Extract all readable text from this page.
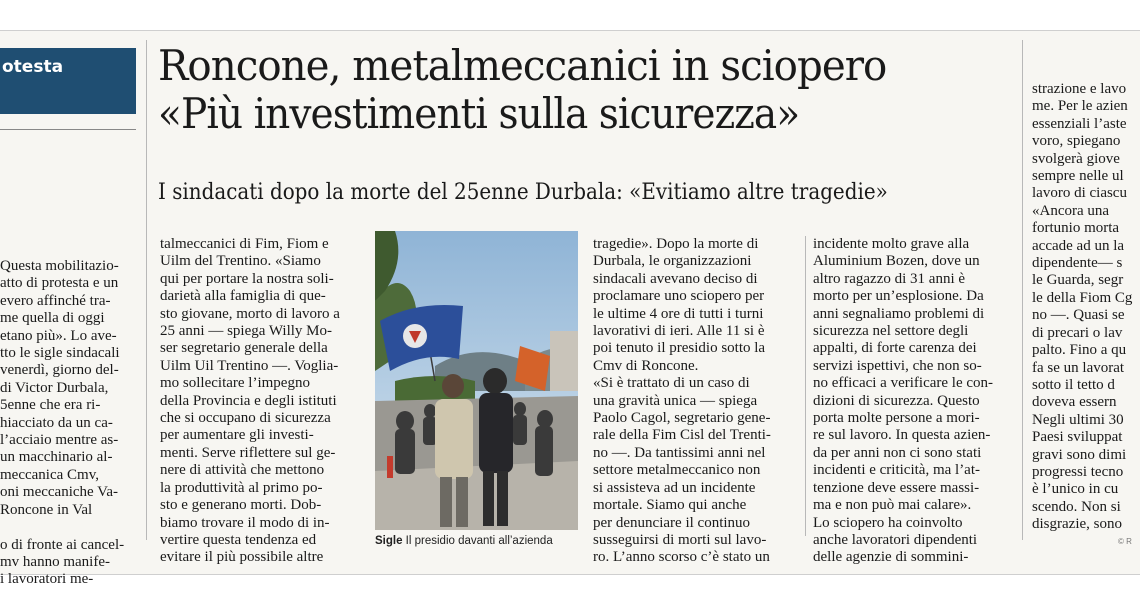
otesta	Roncone, metalmeccanici in sciopero
«Più investimenti sulla sicurezza»
I sindacati dopo la morte del 25enne Durbala: «Evitiamo altre tragedie»
Questa mobilitazio-
atto di protesta e un
evero affinché tra-
me quella di oggi
etano più». Lo ave-
tto le sigle sindacali
venerdì, giorno del-
di Victor Durbala,
5enne che era ri-
hiacciato da un ca-
l’acciaio mentre as-
un macchinario al-
meccanica Cmv,
oni meccaniche Va-
Roncone in Val

o di fronte ai cancel-
mv hanno manife-
i lavoratori me-
talmeccanici di Fim, Fiom e
Uilm del Trentino. «Siamo
qui per portare la nostra soli-
darietà alla famiglia di que-
sto giovane, morto di lavoro a
25 anni — spiega Willy Mo-
ser segretario generale della
Uilm Uil Trentino —. Voglia-
mo sollecitare l’impegno
della Provincia e degli istituti
che si occupano di sicurezza
per aumentare gli investi-
menti. Serve riflettere sul ge-
nere di attività che mettono
la produttività al primo po-
sto e generano morti. Dob-
biamo trovare il modo di in-
vertire questa tendenza ed
evitare il più possibile altre
tragedie». Dopo la morte di
Durbala, le organizzazioni
sindacali avevano deciso di
proclamare uno sciopero per
le ultime 4 ore di tutti i turni
lavorativi di ieri. Alle 11 si è
poi tenuto il presidio sotto la
Cmv di Roncone.
«Si è trattato di un caso di
una gravità unica — spiega
Paolo Cagol, segretario gene-
rale della Fim Cisl del Trenti-
no —. Da tantissimi anni nel
settore metalmeccanico non
si assisteva ad un incidente
mortale. Siamo qui anche
per denunciare il continuo
susseguirsi di morti sul lavo-
ro. L’anno scorso c’è stato un
incidente molto grave alla
Aluminium Bozen, dove un
altro ragazzo di 31 anni è
morto per un’esplosione. Da
anni segnaliamo problemi di
sicurezza nel settore degli
appalti, di forte carenza dei
servizi ispettivi, che non so-
no efficaci a verificare le con-
dizioni di sicurezza. Questo
porta molte persone a mori-
re sul lavoro. In questa azien-
da per anni non ci sono stati
incidenti e criticità, ma l’at-
tenzione deve essere massi-
ma e non può mai calare».
Lo sciopero ha coinvolto
anche lavoratori dipendenti
delle agenzie di sommini-
strazione e lavo
me. Per le azien
essenziali l’aste
voro, spiegano
svolgerà giove
sempre nelle ul
lavoro di ciascu
«Ancora una
fortunio morta
accade ad un la
dipendente— s
le Guarda, segr
le della Fiom Cg
no —. Quasi se
di precari o lav
palto. Fino a qu
fa se un lavorat
sotto il tetto d
doveva essern
Negli ultimi 30
Paesi sviluppat
gravi sono dimi
progressi tecno
è l’unico in cu
scendo. Non si
disgrazie, sono
Sigle Il presidio davanti all’azienda	© R
